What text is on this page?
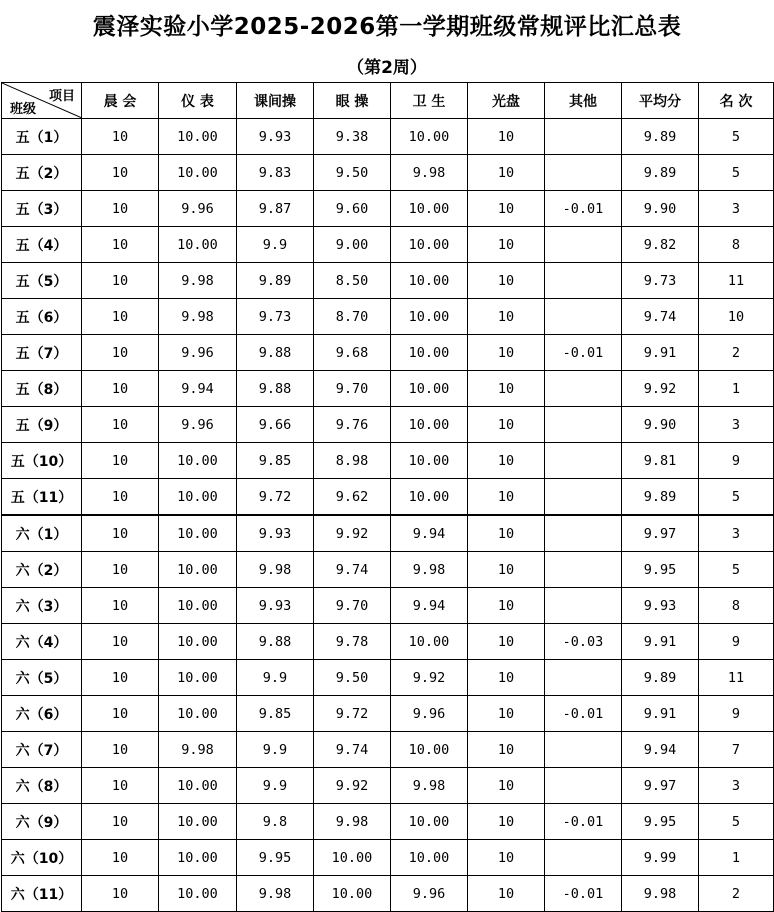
震泽实验小学2025-2026第一学期班级常规评比汇总表
（第2周）
项目
班级	晨 会	仪 表	课间操	眼 操	卫 生	光盘	其他	平均分	名 次
五（1）	10	10.00	9.93	9.38	10.00	10		9.89	5
五（2）	10	10.00	9.83	9.50	9.98	10		9.89	5
五（3）	10	9.96	9.87	9.60	10.00	10	-0.01	9.90	3
五（4）	10	10.00	9.9	9.00	10.00	10		9.82	8
五（5）	10	9.98	9.89	8.50	10.00	10		9.73	11
五（6）	10	9.98	9.73	8.70	10.00	10		9.74	10
五（7）	10	9.96	9.88	9.68	10.00	10	-0.01	9.91	2
五（8）	10	9.94	9.88	9.70	10.00	10		9.92	1
五（9）	10	9.96	9.66	9.76	10.00	10		9.90	3
五（10）	10	10.00	9.85	8.98	10.00	10		9.81	9
五（11）	10	10.00	9.72	9.62	10.00	10		9.89	5
六（1）	10	10.00	9.93	9.92	9.94	10		9.97	3
六（2）	10	10.00	9.98	9.74	9.98	10		9.95	5
六（3）	10	10.00	9.93	9.70	9.94	10		9.93	8
六（4）	10	10.00	9.88	9.78	10.00	10	-0.03	9.91	9
六（5）	10	10.00	9.9	9.50	9.92	10		9.89	11
六（6）	10	10.00	9.85	9.72	9.96	10	-0.01	9.91	9
六（7）	10	9.98	9.9	9.74	10.00	10		9.94	7
六（8）	10	10.00	9.9	9.92	9.98	10		9.97	3
六（9）	10	10.00	9.8	9.98	10.00	10	-0.01	9.95	5
六（10）	10	10.00	9.95	10.00	10.00	10		9.99	1
六（11）	10	10.00	9.98	10.00	9.96	10	-0.01	9.98	2
